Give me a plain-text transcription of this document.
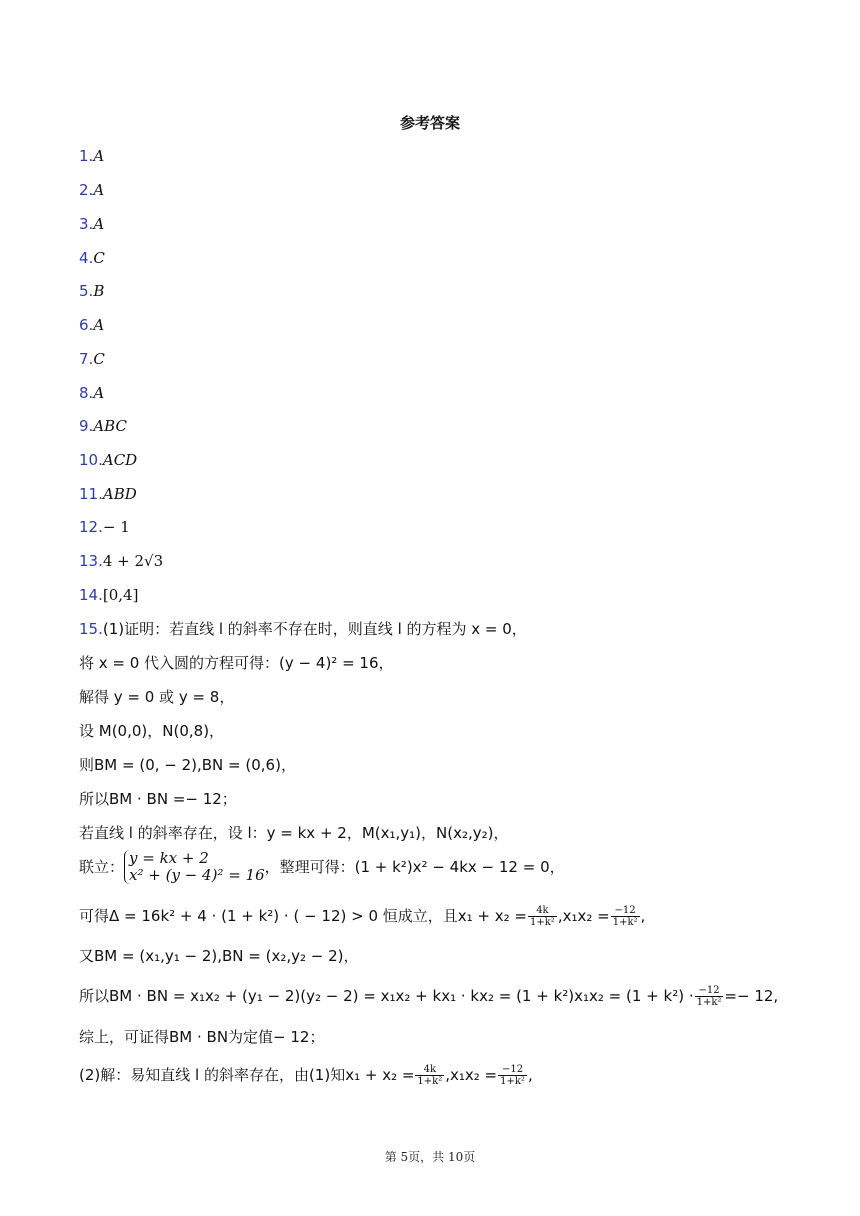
参考答案
1.A
2.A
3.A
4.C
5.B
6.A
7.C
8.A
9.ABC
10.ACD
11.ABD
12.− 1
13.4 + 2√3
14.[0,4]
15.(1)证明：若直线 l 的斜率不存在时，则直线 l 的方程为 x = 0，
将 x = 0 代入圆的方程可得：(y − 4)² = 16，
解得 y = 0 或 y = 8，
设 M(0,0)，N(0,8)，
则BM = (0, − 2),BN = (0,6)，
所以BM · BN =− 12；
若直线 l 的斜率存在，设 l：y = kx + 2，M(x₁,y₁)，N(x₂,y₂)，
联立： y = kx + 2
x² + (y − 4)² = 16 ，整理可得：(1 + k²)x² − 4kx − 12 = 0，
可得Δ = 16k² + 4 · (1 + k²) · ( − 12) > 0 恒成立，且$x_1 + x_2 = \frac{4k}{\text{1+k²}} ,x_1x_2 = \frac{-12}{\text{1+k²}}$ ,
又BM = (x₁,y₁ − 2),BN = (x₂,y₂ − 2)，
所以BM · BN = $x_1x_2 + (y_1 - 2)(y_2 - 2) = x_1x_2 + kx_1 \cdot kx_2 = (1 + k^2)x_1x_2 = (1 + k^2) \cdot \frac{-12}{\text{1+k²}} =- 12$,
综上，可证得BM · BN为定值− 12；
(2)解：易知直线 l 的斜率存在，由(1)知$x_1 + x_2 = \frac{4k}{\text{1+k²}} ,x_1x_2 = \frac{-12}{\text{1+k²}}$ ,
第 5页，共 10页
